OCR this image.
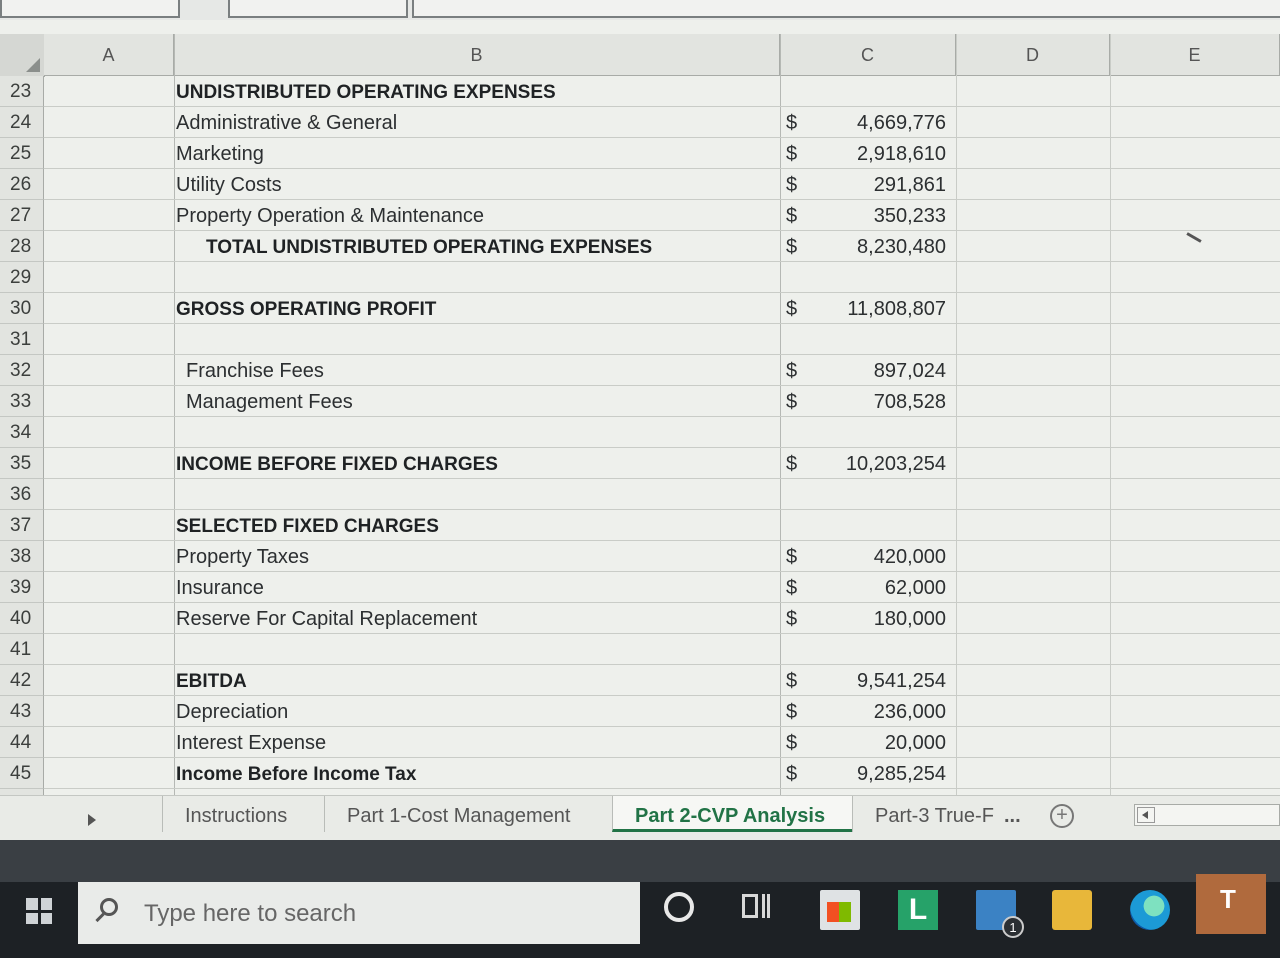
A	B	C	D	E
23	UNDISTRIBUTED OPERATING EXPENSES
24	Administrative & General	$	4,669,776
25	Marketing	$	2,918,610
26	Utility Costs	$	291,861
27	Property Operation & Maintenance	$	350,233
28	TOTAL UNDISTRIBUTED OPERATING EXPENSES	$	8,230,480
29
30	GROSS OPERATING PROFIT	$	11,808,807
31
32	Franchise Fees	$	897,024
33	Management Fees	$	708,528
34
35	INCOME BEFORE FIXED CHARGES	$ 10,203,254
36
37	SELECTED FIXED CHARGES
38	Property Taxes	$	420,000
39	Insurance	$	62,000
40	Reserve For Capital Replacement	$	180,000
41
42	EBITDA	$	9,541,254
43	Depreciation	$	236,000
44	Interest Expense	$	20,000
45	Income Before Income Tax	$	9,285,254
Instructions	Part 1-Cost Management	Part 2-CVP Analysis	Part-3 True-F ...	+
Type here to search	L
1
T
